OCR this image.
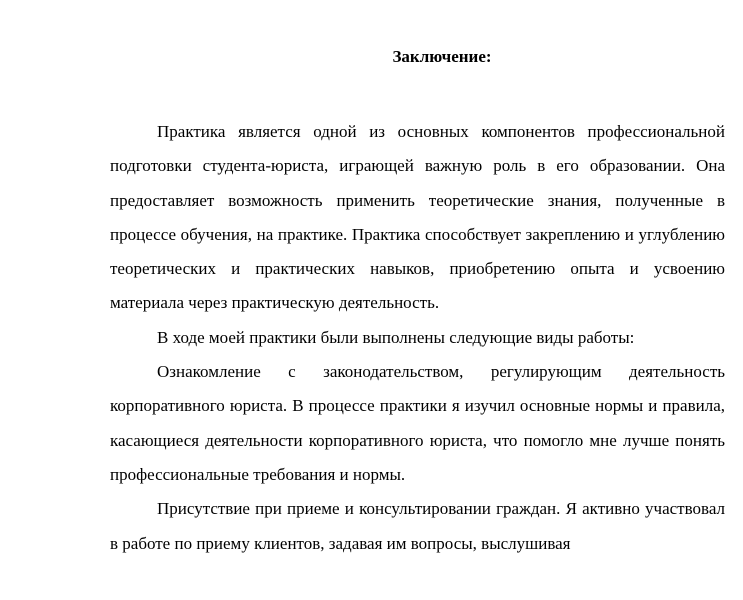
Заключение:

Практика является одной из основных компонентов профессиональной подготовки студента-юриста, играющей важную роль в его образовании. Она предоставляет возможность применить теоретические знания, полученные в процессе обучения, на практике. Практика способствует закреплению и углублению теоретических и практических навыков, приобретению опыта и усвоению материала через практическую деятельность.

В ходе моей практики были выполнены следующие виды работы:

Ознакомление с законодательством, регулирующим деятельность корпоративного юриста. В процессе практики я изучил основные нормы и правила, касающиеся деятельности корпоративного юриста, что помогло мне лучше понять профессиональные требования и нормы.

Присутствие при приеме и консультировании граждан. Я активно участвовал в работе по приему клиентов, задавая им вопросы, выслушивая
